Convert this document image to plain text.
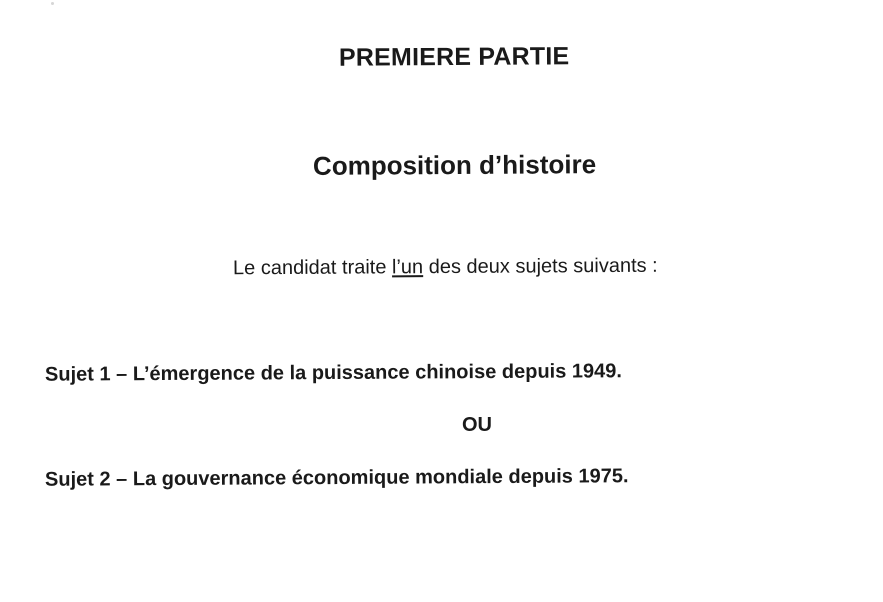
PREMIERE PARTIE
Composition d’histoire

Le candidat traite l’un des deux sujets suivants :

Sujet 1 – L’émergence de la puissance chinoise depuis 1949.

OU

Sujet 2 – La gouvernance économique mondiale depuis 1975.
